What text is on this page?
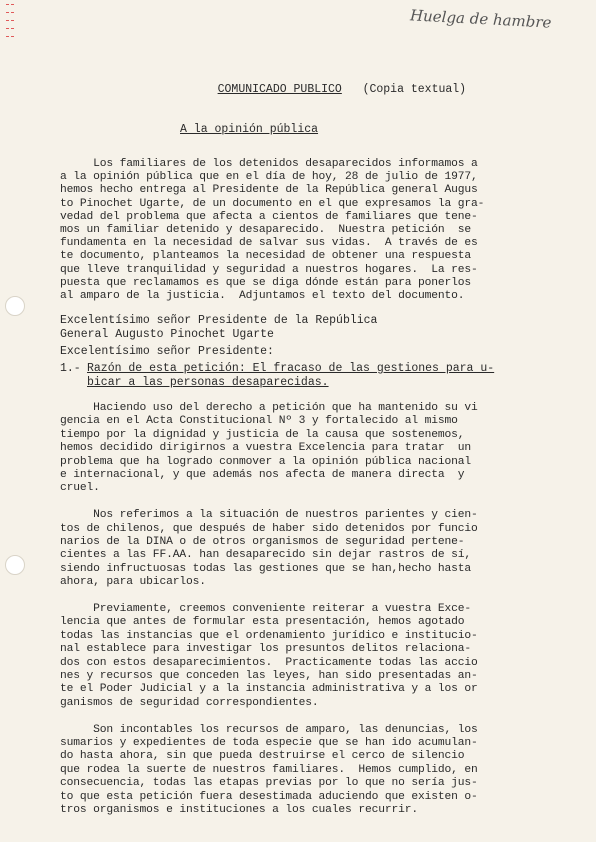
Huelga de hambre

COMUNICADO PUBLICO (Copia textual)

A la opinión pública
Los familiares de los detenidos desaparecidos informamos a
a la opinión pública que en el día de hoy, 28 de julio de 1977,
hemos hecho entrega al Presidente de la República general Augus
to Pinochet Ugarte, de un documento en el que expresamos la gra-
vedad del problema que afecta a cientos de familiares que tene-
mos un familiar detenido y desaparecido.  Nuestra petición  se
fundamenta en la necesidad de salvar sus vidas.  A través de es
te documento, planteamos la necesidad de obtener una respuesta
que lleve tranquilidad y seguridad a nuestros hogares.  La res-
puesta que reclamamos es que se diga dónde están para ponerlos
al amparo de la justicia.  Adjuntamos el texto del documento.
Excelentísimo señor Presidente de la República
General Augusto Pinochet Ugarte
Excelentísimo señor Presidente:
1.- Razón de esta petición: El fracaso de las gestiones para u-
bicar a las personas desaparecidas.
Haciendo uso del derecho a petición que ha mantenido su vi
gencia en el Acta Constitucional Nº 3 y fortalecido al mismo
tiempo por la dignidad y justicia de la causa que sostenemos,
hemos decidido dirigirnos a vuestra Excelencia para tratar  un
problema que ha logrado conmover a la opinión pública nacional
e internacional, y que además nos afecta de manera directa  y
cruel.
Nos referimos a la situación de nuestros parientes y cien-
tos de chilenos, que después de haber sido detenidos por funcio
narios de la DINA o de otros organismos de seguridad pertene-
cientes a las FF.AA. han desaparecido sin dejar rastros de sí,
siendo infructuosas todas las gestiones que se han,hecho hasta
ahora, para ubicarlos.
Previamente, creemos conveniente reiterar a vuestra Exce-
lencia que antes de formular esta presentación, hemos agotado
todas las instancias que el ordenamiento jurídico e institucio-
nal establece para investigar los presuntos delitos relaciona-
dos con estos desaparecimientos.  Practicamente todas las accio
nes y recursos que conceden las leyes, han sido presentadas an-
te el Poder Judicial y a la instancia administrativa y a los or
ganismos de seguridad correspondientes.
Son incontables los recursos de amparo, las denuncias, los
sumarios y expedientes de toda especie que se han ido acumulan-
do hasta ahora, sin que pueda destruirse el cerco de silencio
que rodea la suerte de nuestros familiares.  Hemos cumplido, en
consecuencia, todas las etapas previas por lo que no sería jus-
to que esta petición fuera desestimada aduciendo que existen o-
tros organismos e instituciones a los cuales recurrir.
